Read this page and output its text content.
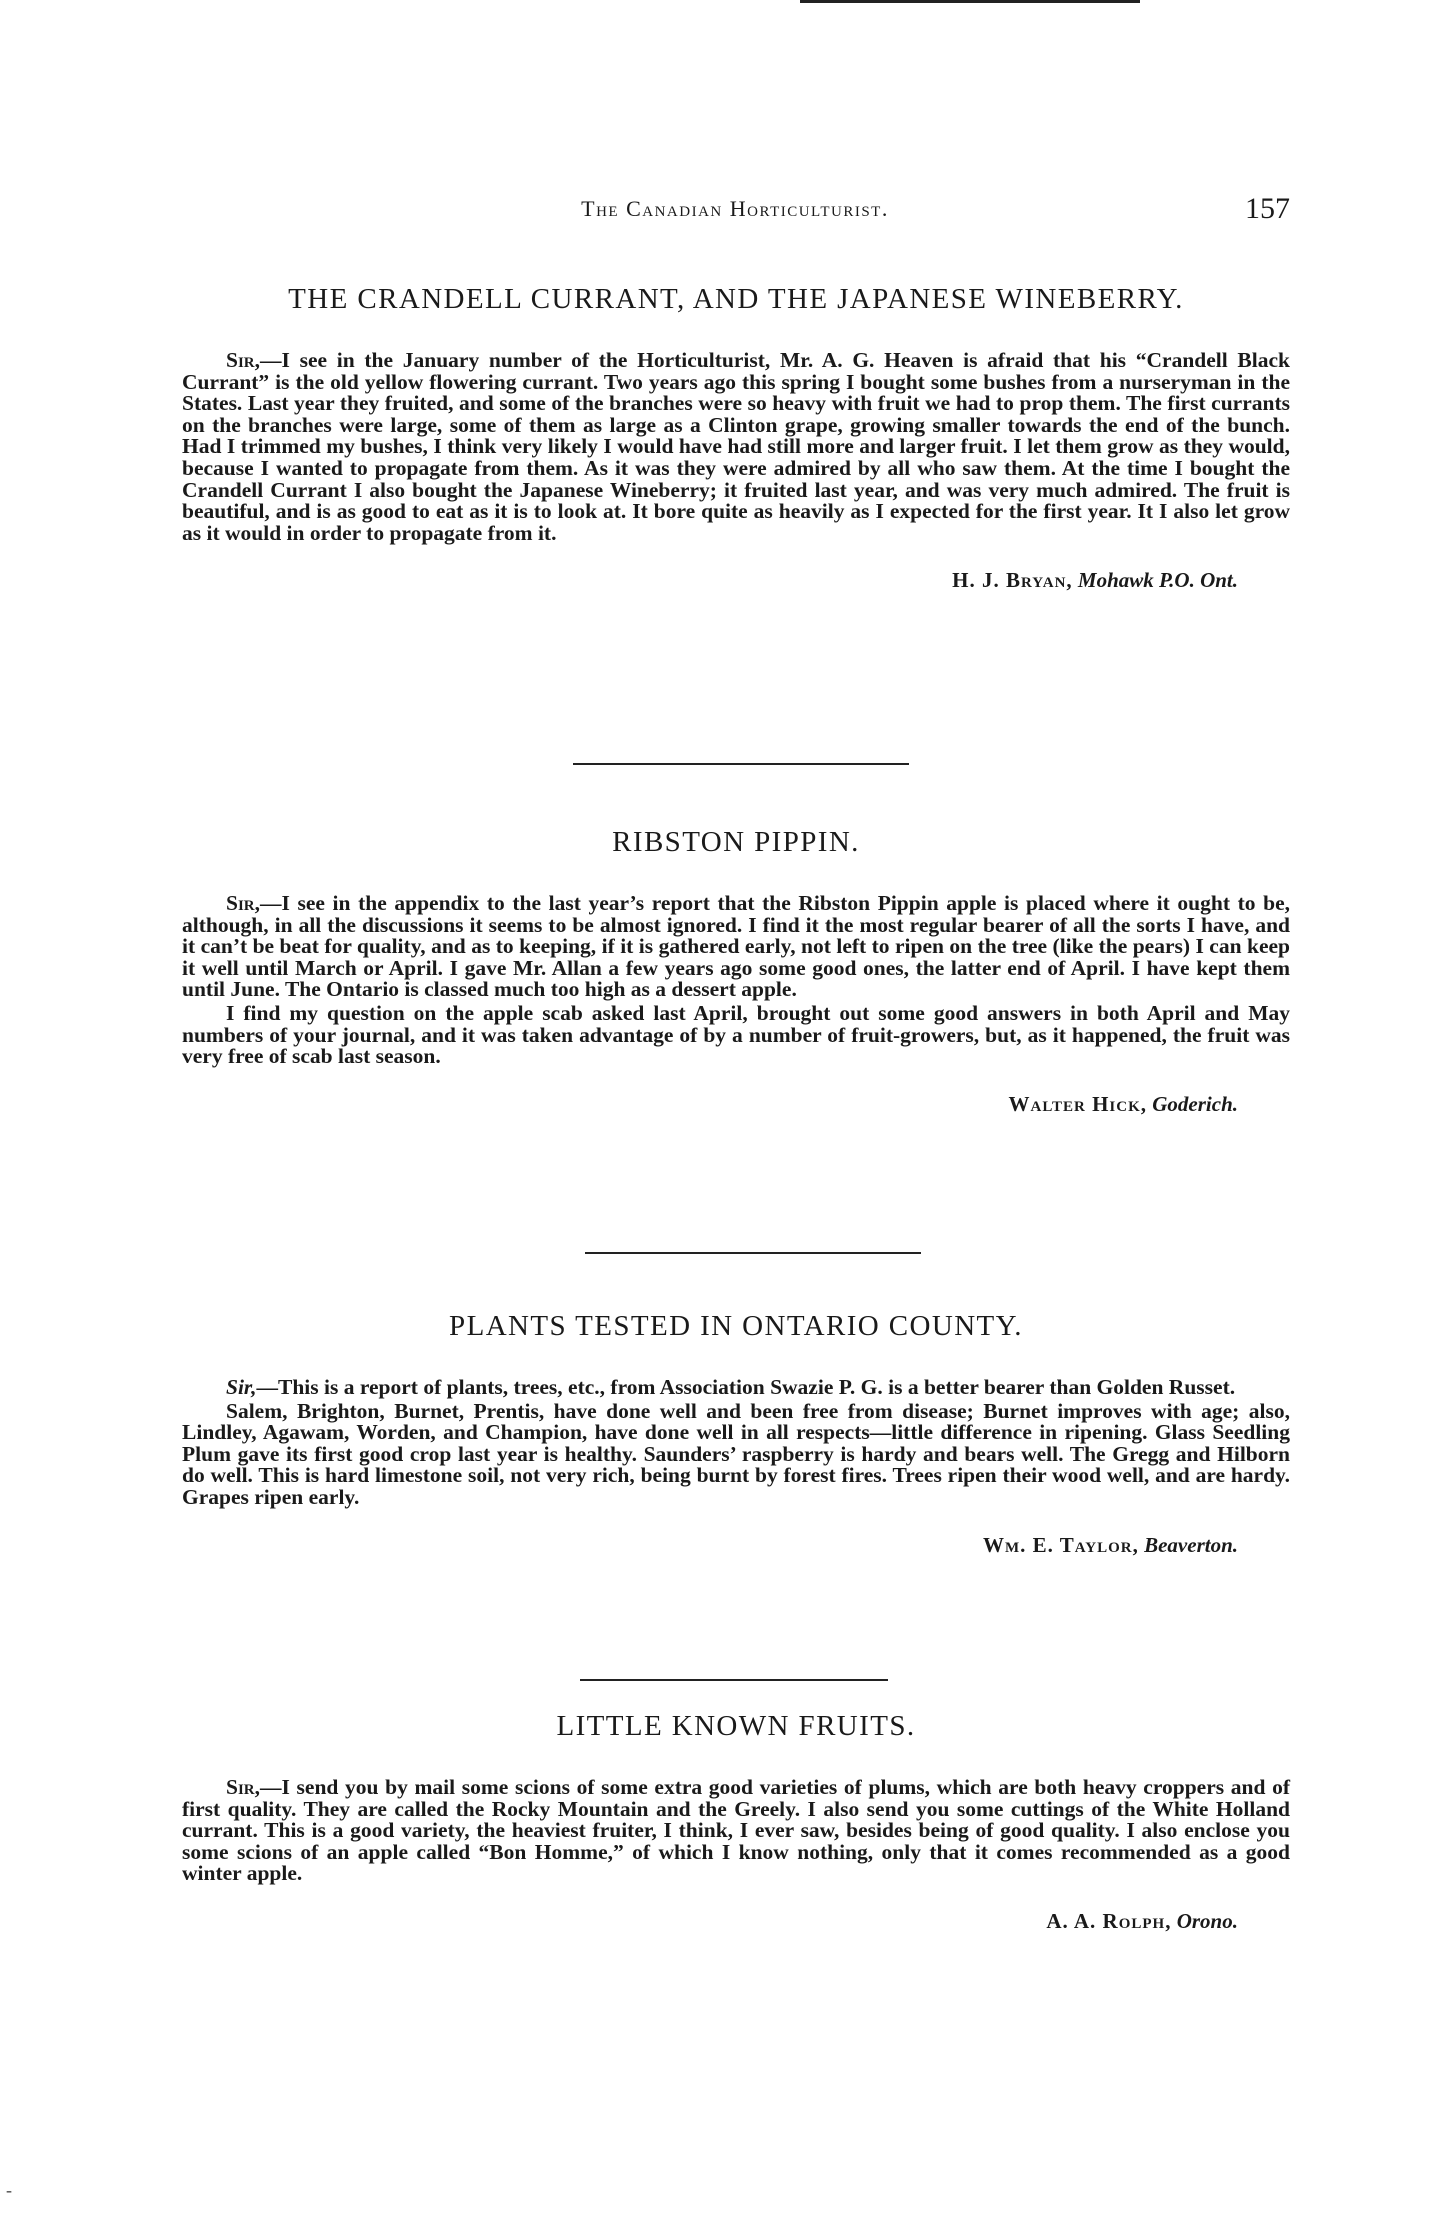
The Canadian Horticulturist.	157
THE CRANDELL CURRANT, AND THE JAPANESE WINEBERRY.

Sir,—I see in the January number of the Horticulturist, Mr. A. G. Heaven is afraid that his “Crandell Black Currant” is the old yellow flowering currant. Two years ago this spring I bought some bushes from a nurseryman in the States. Last year they fruited, and some of the branches were so heavy with fruit we had to prop them. The first currants on the branches were large, some of them as large as a Clinton grape, growing smaller towards the end of the bunch. Had I trimmed my bushes, I think very likely I would have had still more and larger fruit. I let them grow as they would, because I wanted to propagate from them. As it was they were admired by all who saw them. At the time I bought the Crandell Currant I also bought the Japanese Wineberry; it fruited last year, and was very much admired. The fruit is beautiful, and is as good to eat as it is to look at. It bore quite as heavily as I expected for the first year. It I also let grow as it would in order to propagate from it.

H. J. Bryan, Mohawk P.O. Ont.
RIBSTON PIPPIN.

Sir,—I see in the appendix to the last year’s report that the Ribston Pippin apple is placed where it ought to be, although, in all the discussions it seems to be almost ignored. I find it the most regular bearer of all the sorts I have, and it can’t be beat for quality, and as to keeping, if it is gathered early, not left to ripen on the tree (like the pears) I can keep it well until March or April. I gave Mr. Allan a few years ago some good ones, the latter end of April. I have kept them until June. The Ontario is classed much too high as a dessert apple.

I find my question on the apple scab asked last April, brought out some good answers in both April and May numbers of your journal, and it was taken advantage of by a number of fruit-growers, but, as it happened, the fruit was very free of scab last season.

Walter Hick, Goderich.
PLANTS TESTED IN ONTARIO COUNTY.

Sir,—This is a report of plants, trees, etc., from Association Swazie P. G. is a better bearer than Golden Russet.

Salem, Brighton, Burnet, Prentis, have done well and been free from disease; Burnet improves with age; also, Lindley, Agawam, Worden, and Champion, have done well in all respects—little difference in ripening. Glass Seedling Plum gave its first good crop last year is healthy. Saunders’ raspberry is hardy and bears well. The Gregg and Hilborn do well. This is hard limestone soil, not very rich, being burnt by forest fires. Trees ripen their wood well, and are hardy. Grapes ripen early.

Wm. E. Taylor, Beaverton.
LITTLE KNOWN FRUITS.

Sir,—I send you by mail some scions of some extra good varieties of plums, which are both heavy croppers and of first quality. They are called the Rocky Mountain and the Greely. I also send you some cuttings of the White Holland currant. This is a good variety, the heaviest fruiter, I think, I ever saw, besides being of good quality. I also enclose you some scions of an apple called “Bon Homme,” of which I know nothing, only that it comes recommended as a good winter apple.

A. A. Rolph, Orono.
-
